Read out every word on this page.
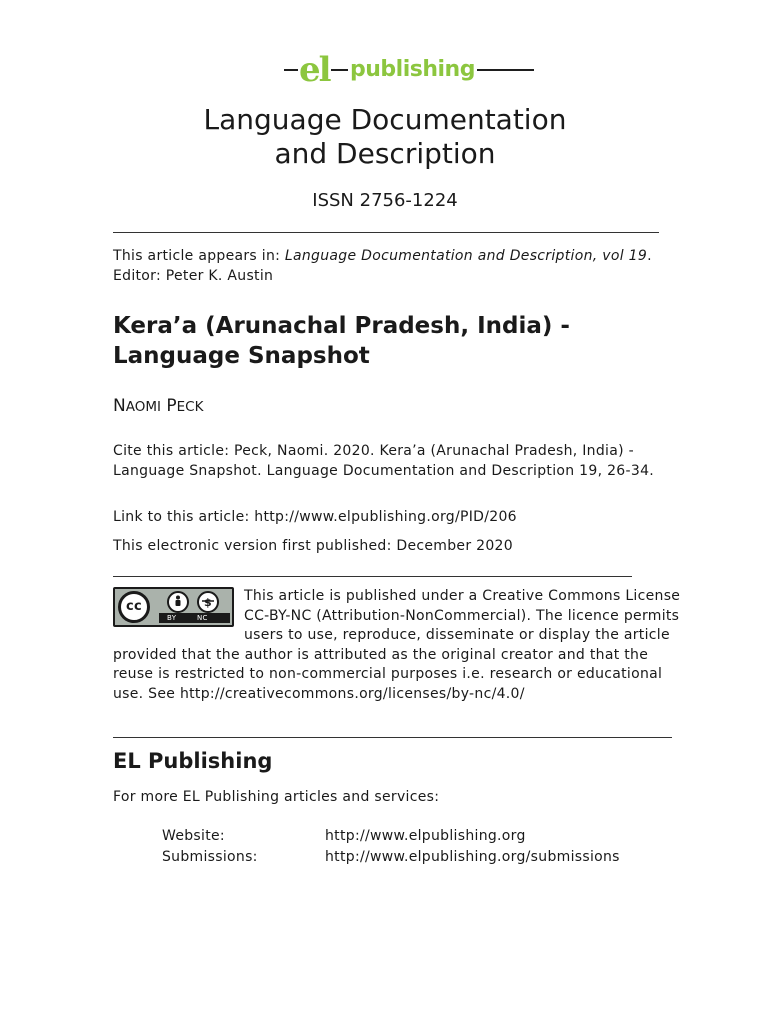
el publishing
Language Documentation
and Description
ISSN 2756-1224
This article appears in: Language Documentation and Description, vol 19. Editor: Peter K. Austin
Kera’a (Arunachal Pradesh, India) -
Language Snapshot
NAOMI PECK
Cite this article: Peck, Naomi. 2020. Kera’a (Arunachal Pradesh, India) - Language Snapshot. Language Documentation and Description 19, 26-34.
Link to this article: http://www.elpublishing.org/PID/206
This electronic version first published: December 2020
cc	$
BY	NC
This article is published under a Creative Commons License CC-BY-NC (Attribution-NonCommercial). The licence permits users to use, reproduce, disseminate or display the article provided that the author is attributed as the original creator and that the reuse is restricted to non-commercial purposes i.e. research or educational use. See http://creativecommons.org/licenses/by-nc/4.0/
EL Publishing
For more EL Publishing articles and services:
Website:
Submissions:
http://www.elpublishing.org
http://www.elpublishing.org/submissions
